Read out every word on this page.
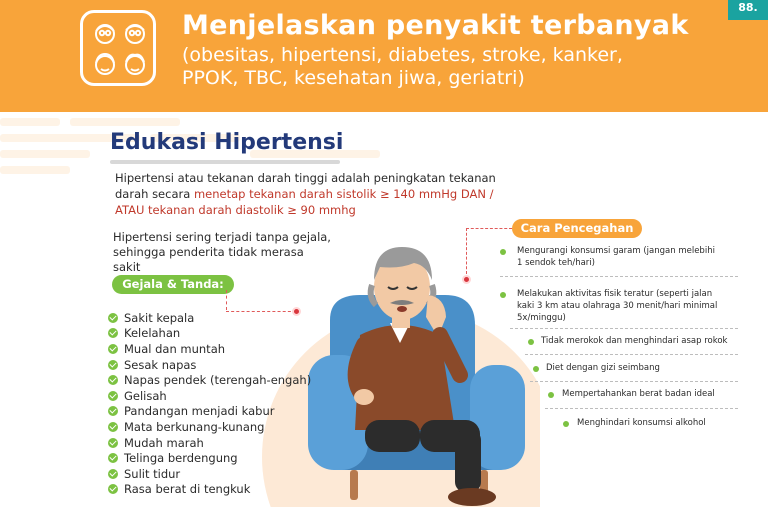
Menjelaskan penyakit terbanyak
(obesitas, hipertensi, diabetes, stroke, kanker, PPOK, TBC, kesehatan jiwa, geriatri)
88.
Edukasi Hipertensi
Hipertensi atau tekanan darah tinggi adalah peningkatan tekanan darah secara menetap tekanan darah sistolik ≥ 140 mmHg DAN / ATAU tekanan darah diastolik ≥ 90 mmhg
Hipertensi sering terjadi tanpa gejala, sehingga penderita tidak merasa sakit
Gejala & Tanda:
Sakit kepala
Kelelahan
Mual dan muntah
Sesak napas
Napas pendek (terengah-engah)
Gelisah
Pandangan menjadi kabur
Mata berkunang-kunang
Mudah marah
Telinga berdengung
Sulit tidur
Rasa berat di tengkuk
Cara Pencegahan
Mengurangi konsumsi garam (jangan melebihi 1 sendok teh/hari)
Melakukan aktivitas fisik teratur (seperti jalan kaki 3 km atau olahraga 30 menit/hari minimal 5x/minggu)
Tidak merokok dan menghindari asap rokok
Diet dengan gizi seimbang
Mempertahankan berat badan ideal
Menghindari konsumsi alkohol
